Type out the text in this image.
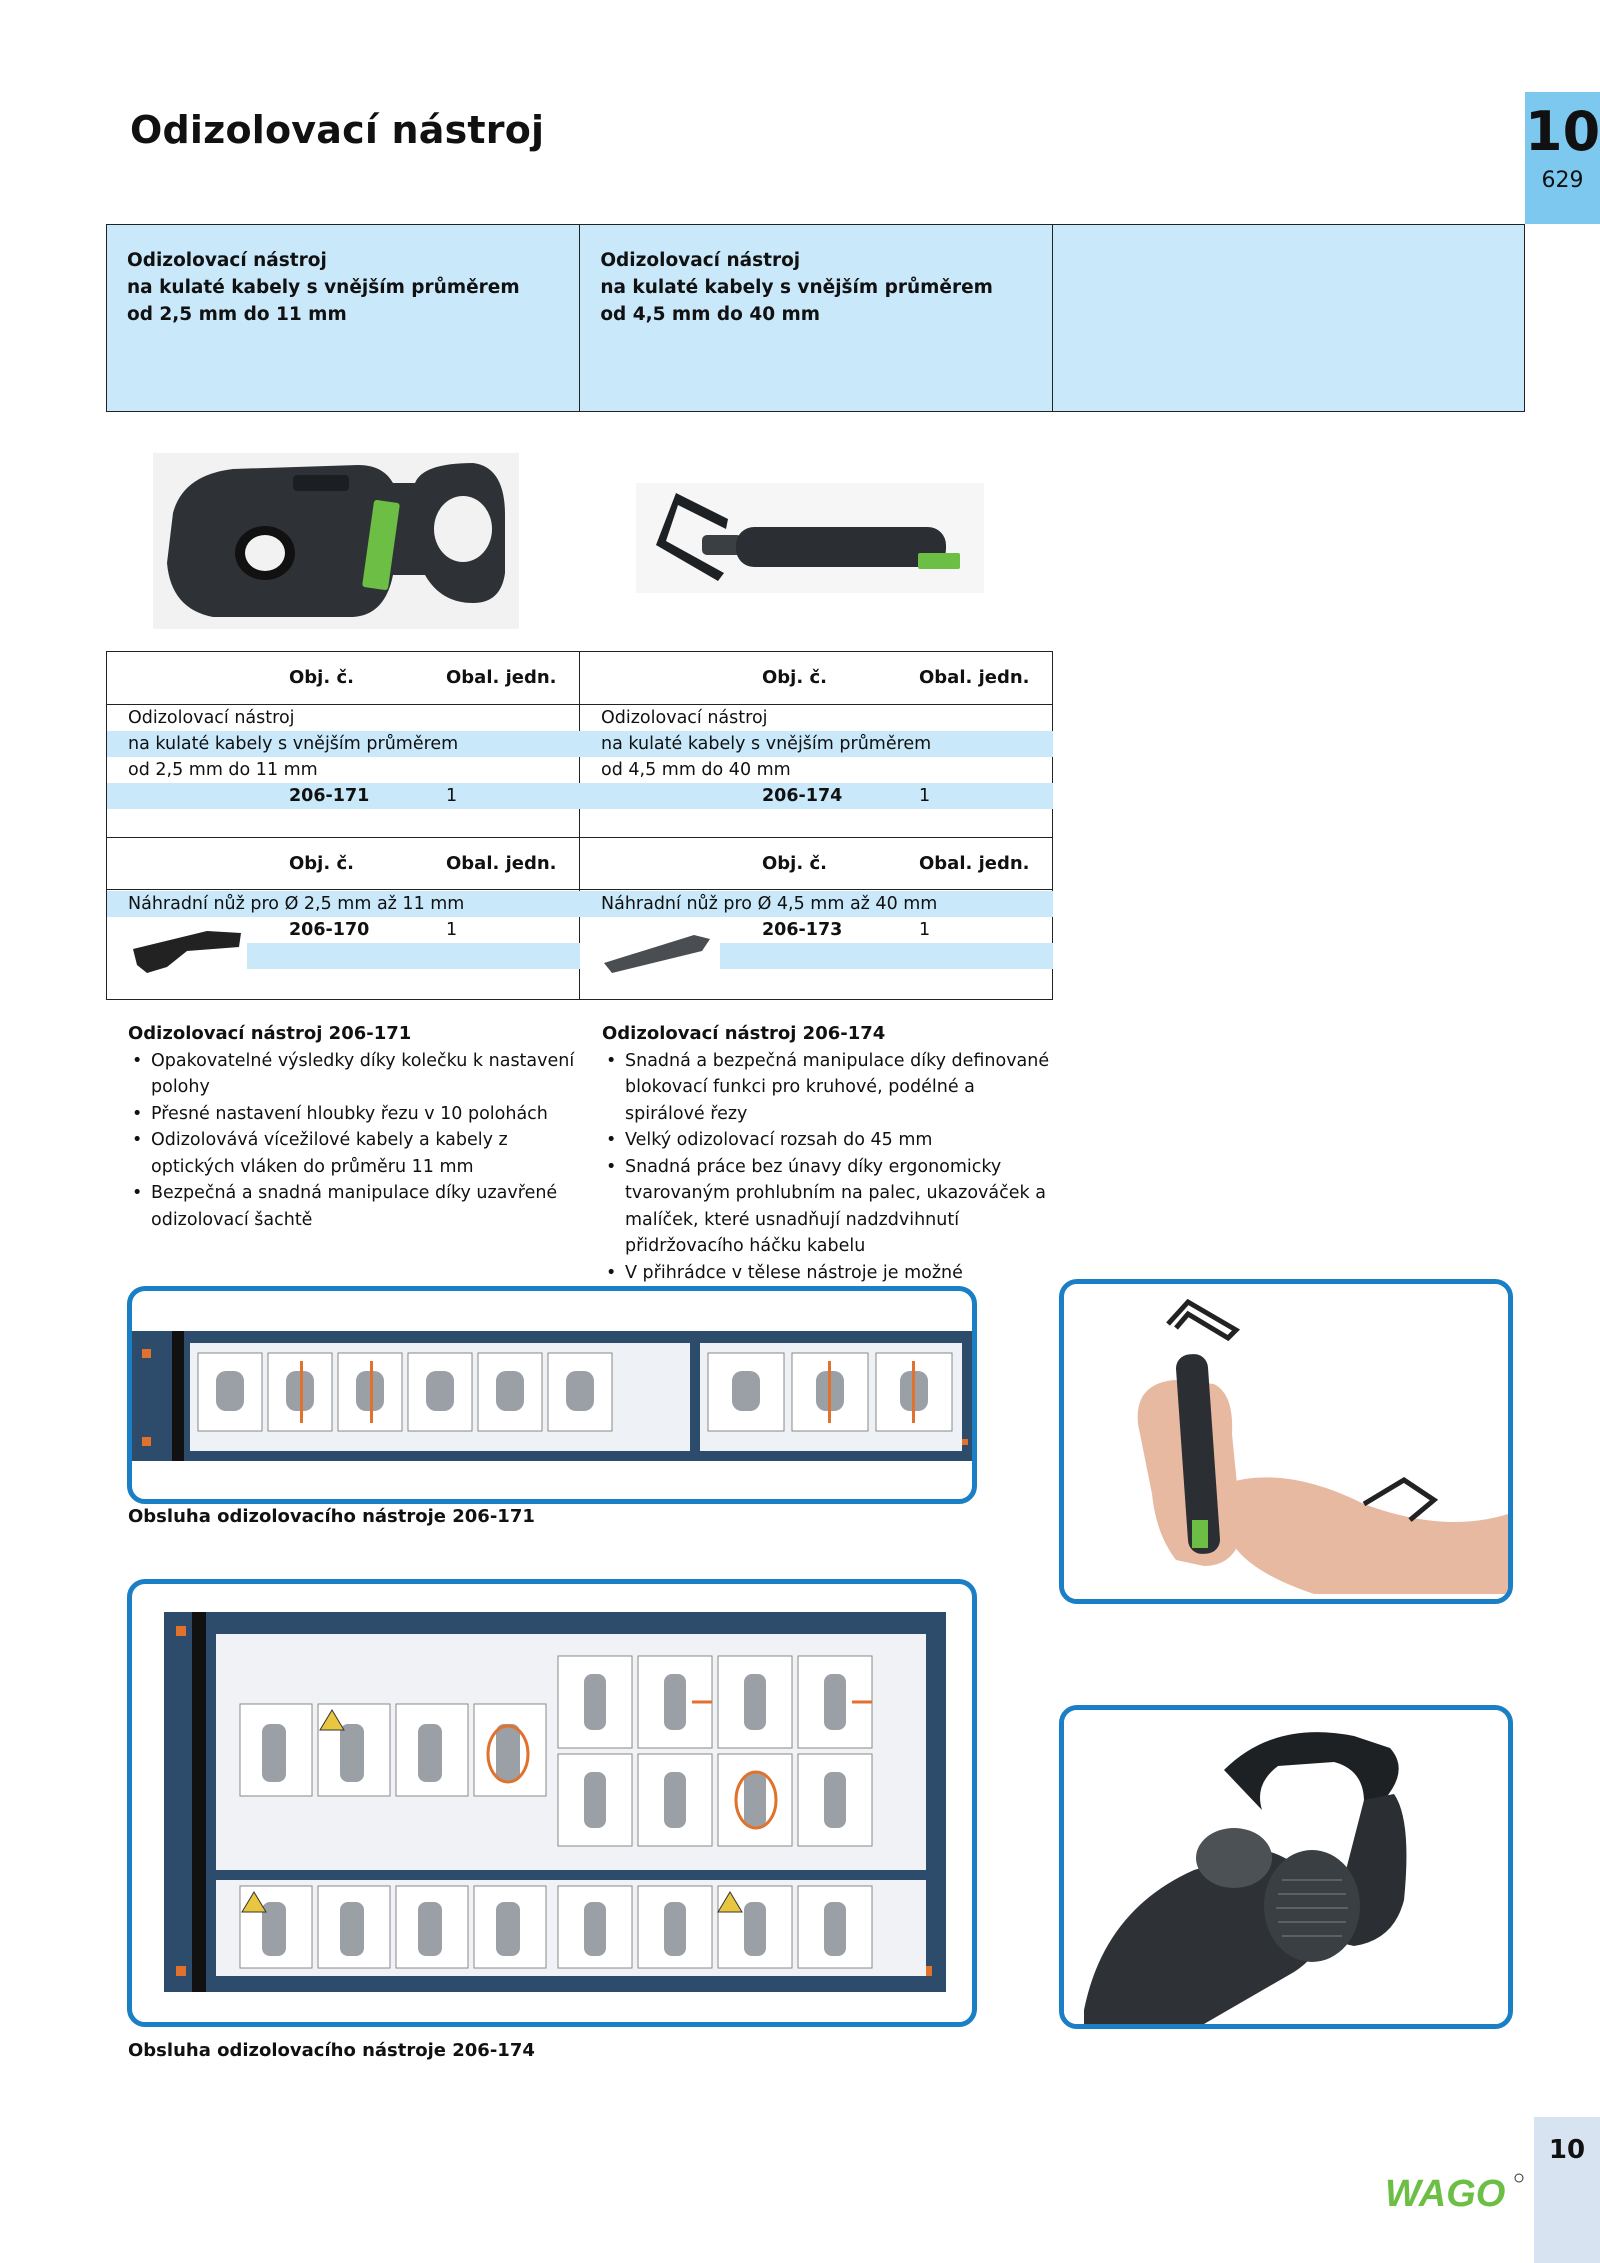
Odizolovací nástroj	10
629
Odizolovací nástroj
na kulaté kabely s vnějším průměrem
od 2,5 mm do 11 mm
Odizolovací nástroj
na kulaté kabely s vnějším průměrem
od 4,5 mm do 40 mm
Obj. č.	Obal. jedn.
Odizolovací nástroj
na kulaté kabely s vnějším průměrem
od 2,5 mm do 11 mm
206-171	1
Obj. č.	Obal. jedn.
Náhradní nůž pro Ø 2,5 mm až 11 mm
206-170	1
Obj. č.	Obal. jedn.
Odizolovací nástroj
na kulaté kabely s vnějším průměrem
od 4,5 mm do 40 mm
206-174	1
Obj. č.	Obal. jedn.
Náhradní nůž pro Ø 4,5 mm až 40 mm
206-173	1
Odizolovací nástroj 206-171
• Opakovatelné výsledky díky kolečku k nastavení polohy
• Přesné nastavení hloubky řezu v 10 polohách
• Odizolovává vícežilové kabely a kabely z optických vláken do průměru 11 mm
• Bezpečná a snadná manipulace díky uzavřené odizolovací šachtě
Odizolovací nástroj 206-174
• Snadná a bezpečná manipulace díky definované blokovací funkci pro kruhové, podélné a spirálové řezy
• Velký odizolovací rozsah do 45 mm
• Snadná práce bez únavy díky ergonomicky tvarovaným prohlubním na palec, ukazováček a malíček, které usnadňují nadzdvihnutí přidržovacího háčku kabelu
• V přihrádce v tělese nástroje je možné
Obsluha odizolovacího nástroje 206-171
Obsluha odizolovacího nástroje 206-174
10
WAGO
